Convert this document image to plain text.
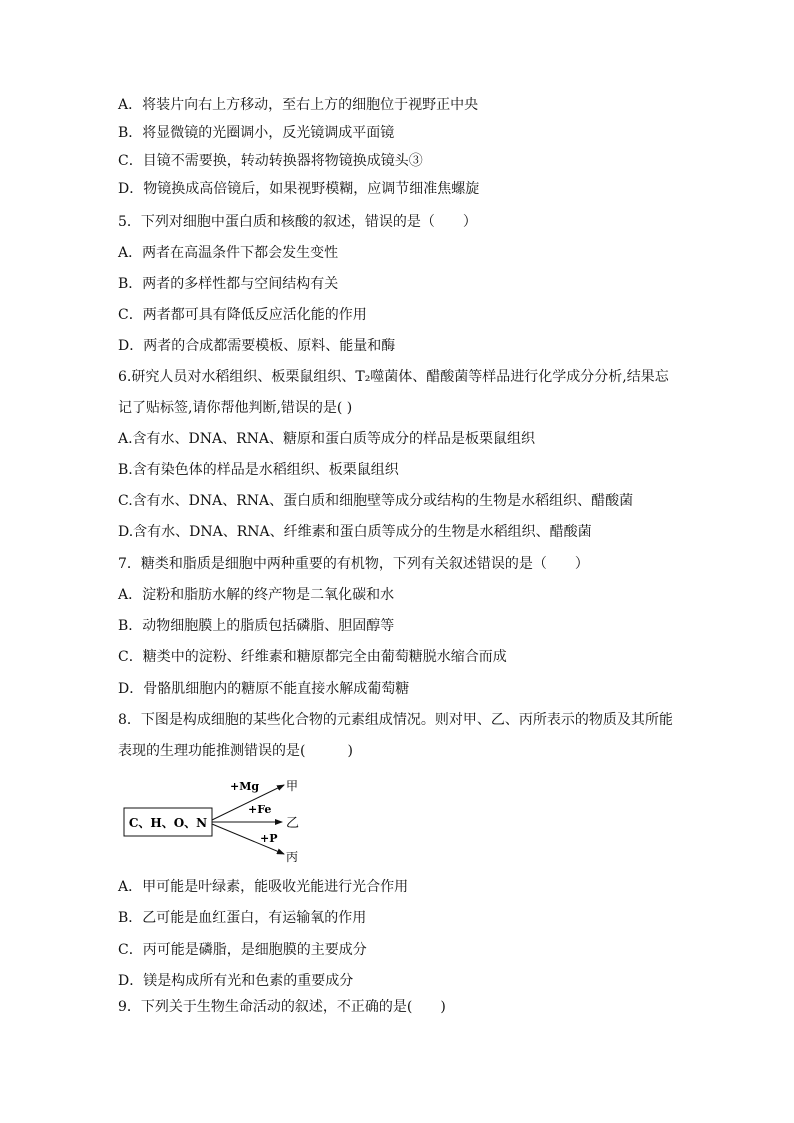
A．将装片向右上方移动，至右上方的细胞位于视野正中央
B．将显微镜的光圈调小，反光镜调成平面镜
C．目镜不需要换，转动转换器将物镜换成镜头③
D．物镜换成高倍镜后，如果视野模糊，应调节细准焦螺旋
5．下列对细胞中蛋白质和核酸的叙述，错误的是（　　）
A．两者在高温条件下都会发生变性
B．两者的多样性都与空间结构有关
C．两者都可具有降低反应活化能的作用
D．两者的合成都需要模板、原料、能量和酶
6.研究人员对水稻组织、板栗鼠组织、T₂噬菌体、醋酸菌等样品进行化学成分分析,结果忘
记了贴标签,请你帮他判断,错误的是( )
A.含有水、DNA、RNA、糖原和蛋白质等成分的样品是板栗鼠组织
B.含有染色体的样品是水稻组织、板栗鼠组织
C.含有水、DNA、RNA、蛋白质和细胞壁等成分或结构的生物是水稻组织、醋酸菌
D.含有水、DNA、RNA、纤维素和蛋白质等成分的生物是水稻组织、醋酸菌
7．糖类和脂质是细胞中两种重要的有机物，下列有关叙述错误的是（　　）
A．淀粉和脂肪水解的终产物是二氧化碳和水
B．动物细胞膜上的脂质包括磷脂、胆固醇等
C．糖类中的淀粉、纤维素和糖原都完全由葡萄糖脱水缩合而成
D．骨骼肌细胞内的糖原不能直接水解成葡萄糖
8．下图是构成细胞的某些化合物的元素组成情况。则对甲、乙、丙所表示的物质及其所能
表现的生理功能推测错误的是(　　　)
C、H、O、N
+Mg
+Fe
+P
甲
乙
丙
A．甲可能是叶绿素，能吸收光能进行光合作用
B．乙可能是血红蛋白，有运输氧的作用
C．丙可能是磷脂，是细胞膜的主要成分
D．镁是构成所有光和色素的重要成分
9．下列关于生物生命活动的叙述，不正确的是(　　)
